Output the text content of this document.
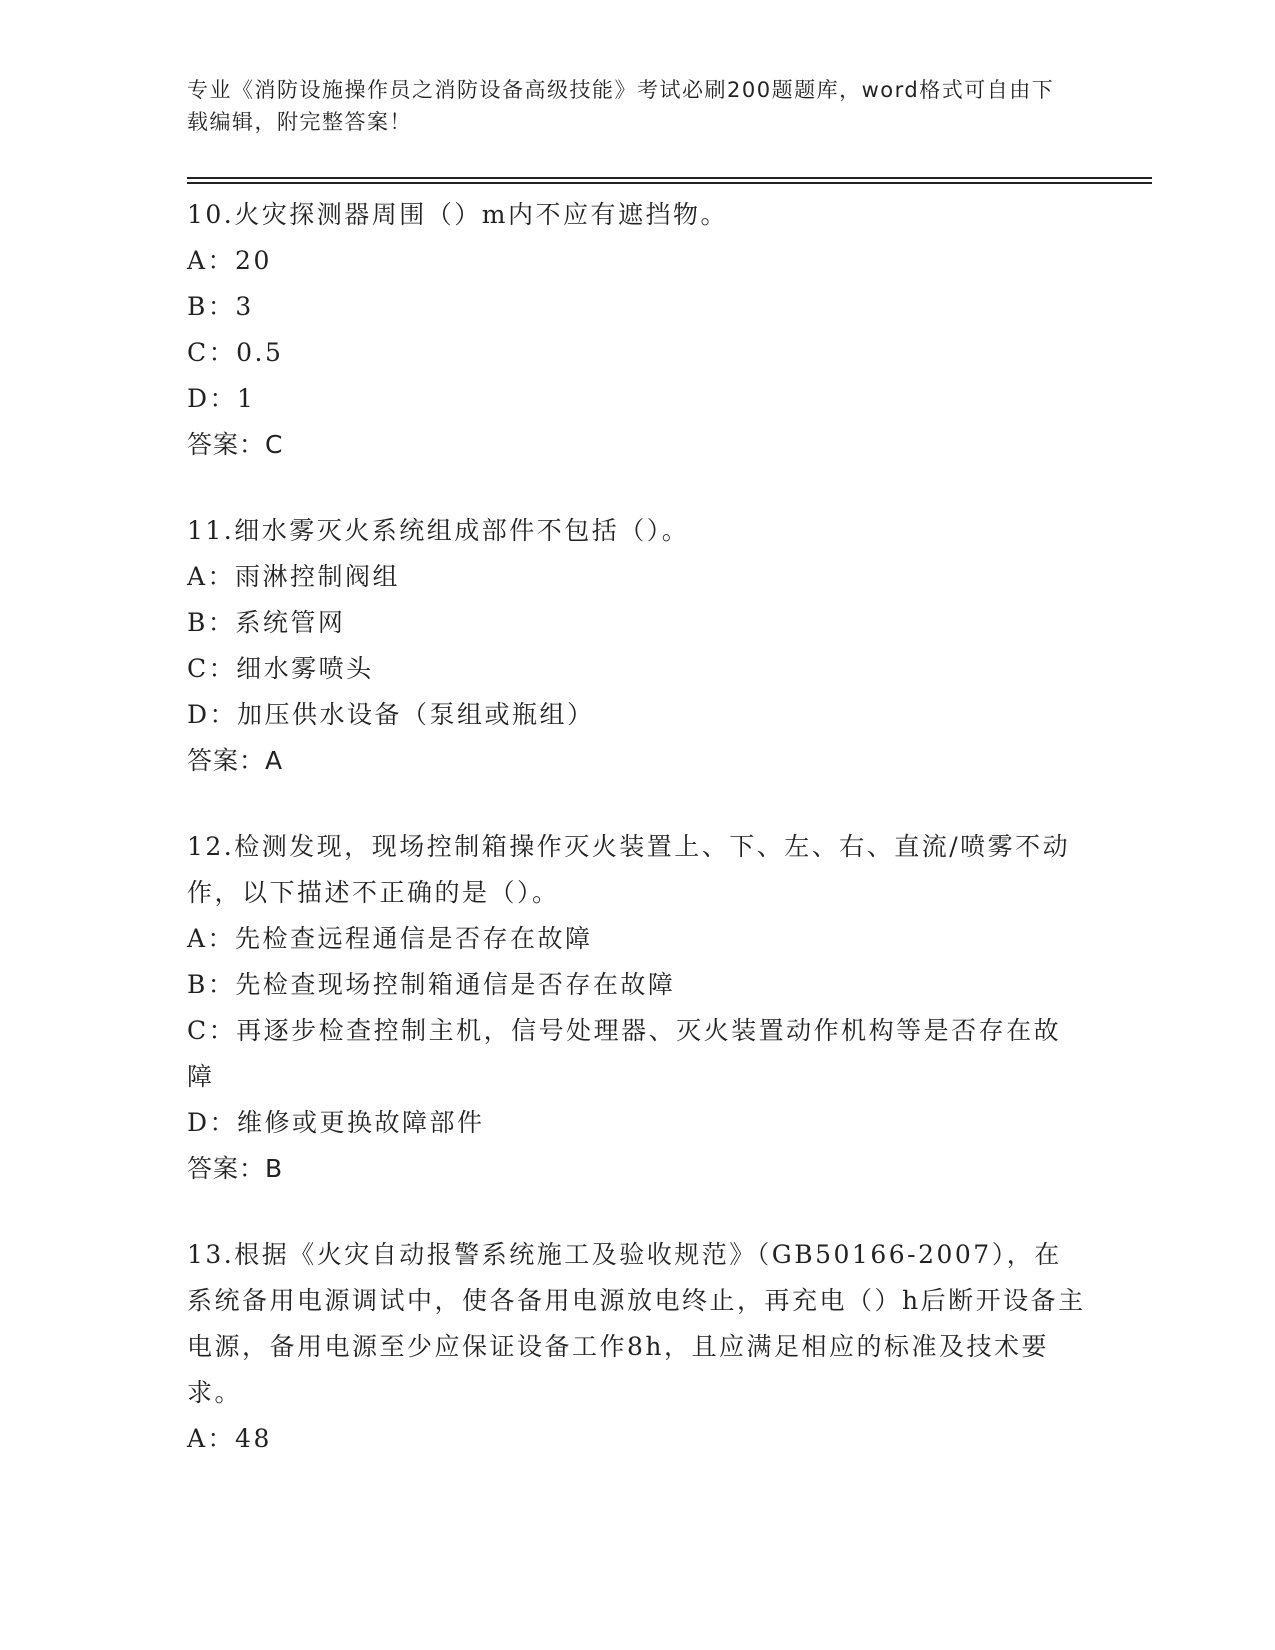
专业《消防设施操作员之消防设备高级技能》考试必刷200题题库，word格式可自由下载编辑，附完整答案！
10.火灾探测器周围（）m内不应有遮挡物。
A：20
B：3
C：0.5
D：1
答案：C
11.细水雾灭火系统组成部件不包括（）。
A：雨淋控制阀组
B：系统管网
C：细水雾喷头
D：加压供水设备（泵组或瓶组）
答案：A
12.检测发现，现场控制箱操作灭火装置上、下、左、右、直流/喷雾不动作，以下描述不正确的是（）。
A：先检查远程通信是否存在故障
B：先检查现场控制箱通信是否存在故障
C：再逐步检查控制主机，信号处理器、灭火装置动作机构等是否存在故障
D：维修或更换故障部件
答案：B
13.根据《火灾自动报警系统施工及验收规范》（GB50166-2007），在系统备用电源调试中，使各备用电源放电终止，再充电（）h后断开设备主电源，备用电源至少应保证设备工作8h，且应满足相应的标准及技术要求。
A：48
